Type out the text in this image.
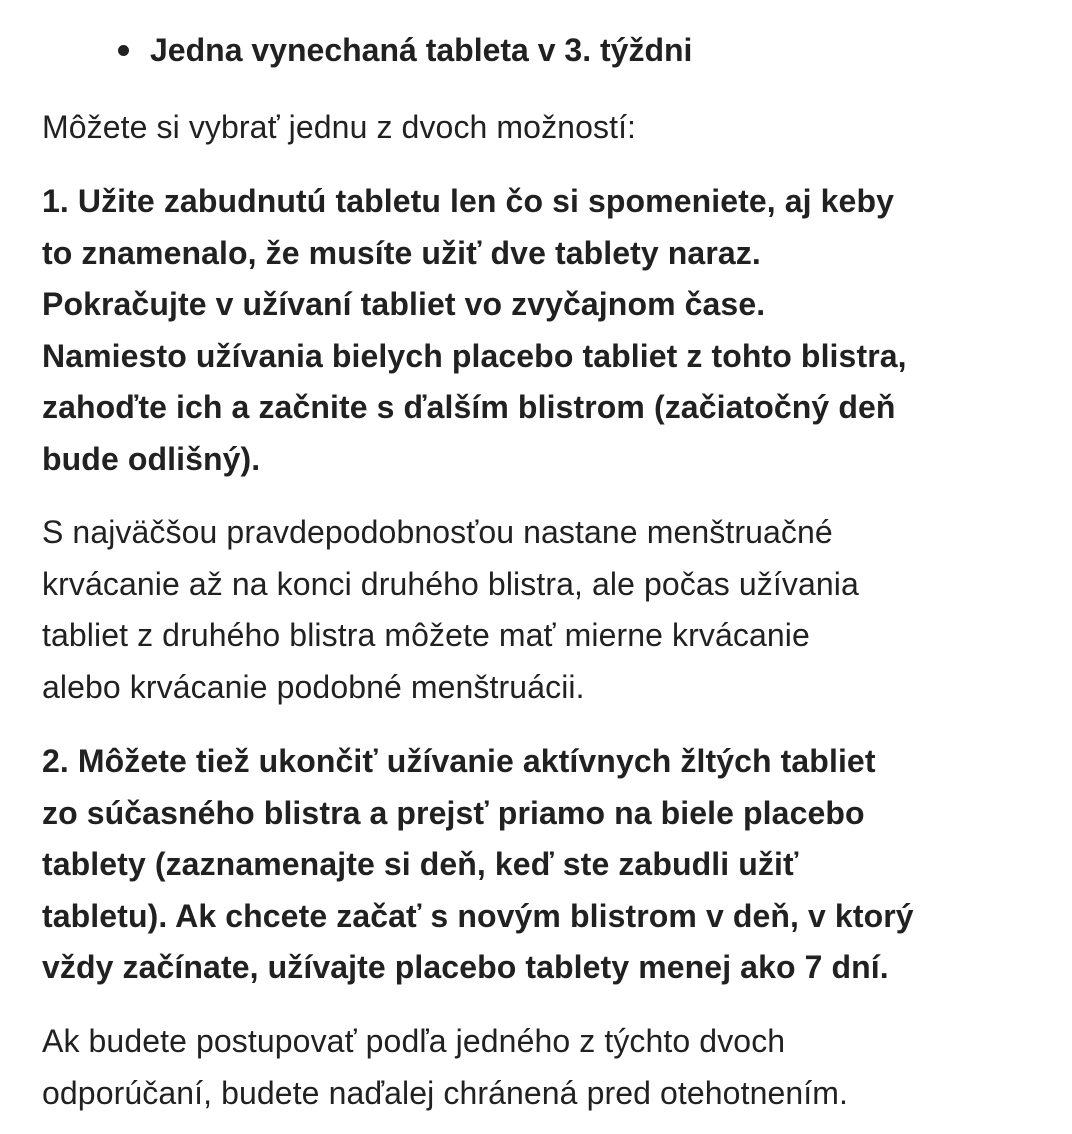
Jedna vynechaná tableta v 3. týždni

Môžete si vybrať jednu z dvoch možností:

1. Užite zabudnutú tabletu len čo si spomeniete, aj keby
to znamenalo, že musíte užiť dve tablety naraz.
Pokračujte v užívaní tabliet vo zvyčajnom čase.
Namiesto užívania bielych placebo tabliet z tohto blistra,
zahoďte ich a začnite s ďalším blistrom (začiatočný deň
bude odlišný).

S najväčšou pravdepodobnosťou nastane menštruačné
krvácanie až na konci druhého blistra, ale počas užívania
tabliet z druhého blistra môžete mať mierne krvácanie
alebo krvácanie podobné menštruácii.

2. Môžete tiež ukončiť užívanie aktívnych žltých tabliet
zo súčasného blistra a prejsť priamo na biele placebo
tablety (zaznamenajte si deň, keď ste zabudli užiť
tabletu). Ak chcete začať s novým blistrom v deň, v ktorý
vždy začínate, užívajte placebo tablety menej ako 7 dní.

Ak budete postupovať podľa jedného z týchto dvoch
odporúčaní, budete naďalej chránená pred otehotnením.
